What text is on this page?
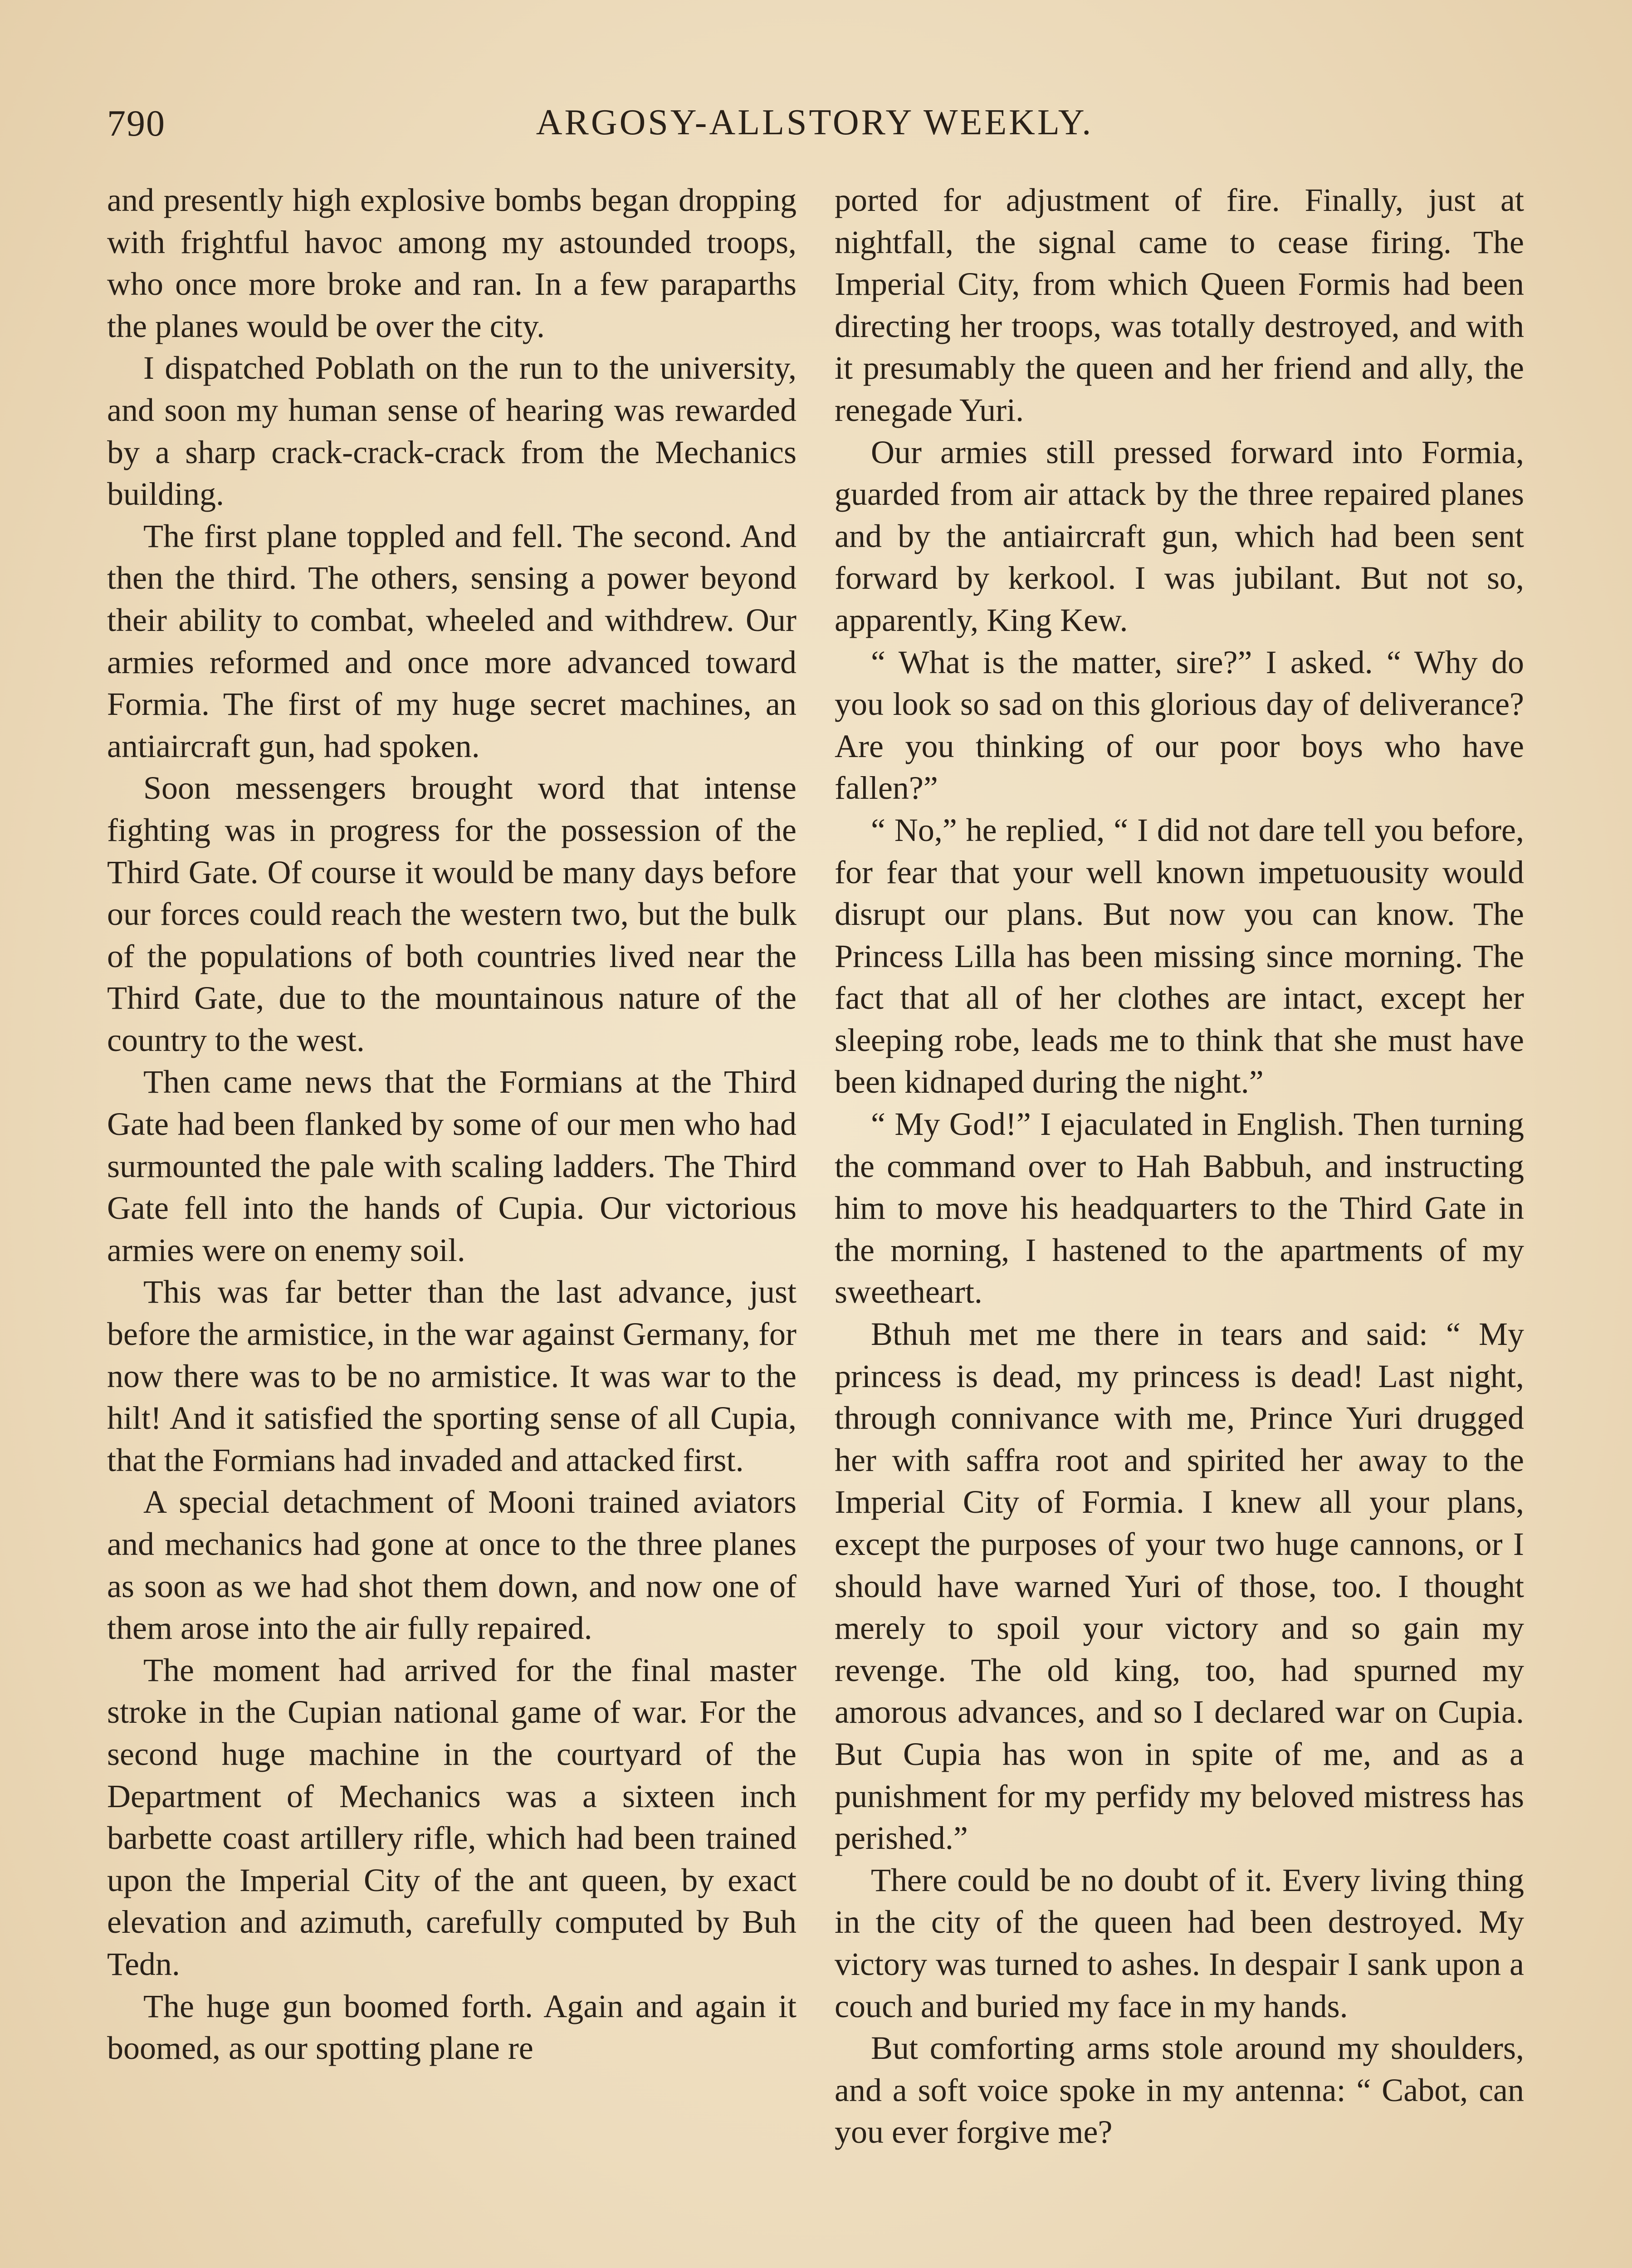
790	ARGOSY-ALLSTORY WEEKLY.

and presently high explosive bombs began dropping with frightful havoc among my astounded troops, who once more broke and ran. In a few paraparths the planes would be over the city.

I dispatched Poblath on the run to the university, and soon my human sense of hearing was rewarded by a sharp crack-crack-crack from the Mechanics building.

The first plane toppled and fell. The second. And then the third. The others, sensing a power beyond their ability to combat, wheeled and withdrew. Our armies reformed and once more advanced toward Formia. The first of my huge secret machines, an antiaircraft gun, had spoken.

Soon messengers brought word that intense fighting was in progress for the possession of the Third Gate. Of course it would be many days before our forces could reach the western two, but the bulk of the populations of both countries lived near the Third Gate, due to the mountainous nature of the country to the west.

Then came news that the Formians at the Third Gate had been flanked by some of our men who had surmounted the pale with scaling ladders. The Third Gate fell into the hands of Cupia. Our victorious armies were on enemy soil.

This was far better than the last advance, just before the armistice, in the war against Germany, for now there was to be no armistice. It was war to the hilt! And it satisfied the sporting sense of all Cupia, that the Formians had invaded and attacked first.

A special detachment of Mooni trained aviators and mechanics had gone at once to the three planes as soon as we had shot them down, and now one of them arose into the air fully repaired.

The moment had arrived for the final master stroke in the Cupian national game of war. For the second huge machine in the courtyard of the Department of Mechanics was a sixteen inch barbette coast artillery rifle, which had been trained upon the Imperial City of the ant queen, by exact elevation and azimuth, carefully computed by Buh Tedn.

The huge gun boomed forth. Again and again it boomed, as our spotting plane re

ported for adjustment of fire. Finally, just at nightfall, the signal came to cease firing. The Imperial City, from which Queen Formis had been directing her troops, was totally destroyed, and with it presumably the queen and her friend and ally, the renegade Yuri.

Our armies still pressed forward into Formia, guarded from air attack by the three repaired planes and by the antiaircraft gun, which had been sent forward by kerkool. I was jubilant. But not so, apparently, King Kew.

“ What is the matter, sire?” I asked. “ Why do you look so sad on this glorious day of deliverance? Are you thinking of our poor boys who have fallen?”

“ No,” he replied, “ I did not dare tell you before, for fear that your well known impetuousity would disrupt our plans. But now you can know. The Princess Lilla has been missing since morning. The fact that all of her clothes are intact, except her sleeping robe, leads me to think that she must have been kidnaped during the night.”

“ My God!” I ejaculated in English. Then turning the command over to Hah Babbuh, and instructing him to move his headquarters to the Third Gate in the morning, I hastened to the apartments of my sweetheart.

Bthuh met me there in tears and said: “ My princess is dead, my princess is dead! Last night, through connivance with me, Prince Yuri drugged her with saffra root and spirited her away to the Imperial City of Formia. I knew all your plans, except the purposes of your two huge cannons, or I should have warned Yuri of those, too. I thought merely to spoil your victory and so gain my revenge. The old king, too, had spurned my amorous advances, and so I declared war on Cupia. But Cupia has won in spite of me, and as a punishment for my perfidy my beloved mistress has perished.”

There could be no doubt of it. Every living thing in the city of the queen had been destroyed. My victory was turned to ashes. In despair I sank upon a couch and buried my face in my hands.

But comforting arms stole around my shoulders, and a soft voice spoke in my antenna: “ Cabot, can you ever forgive me?
